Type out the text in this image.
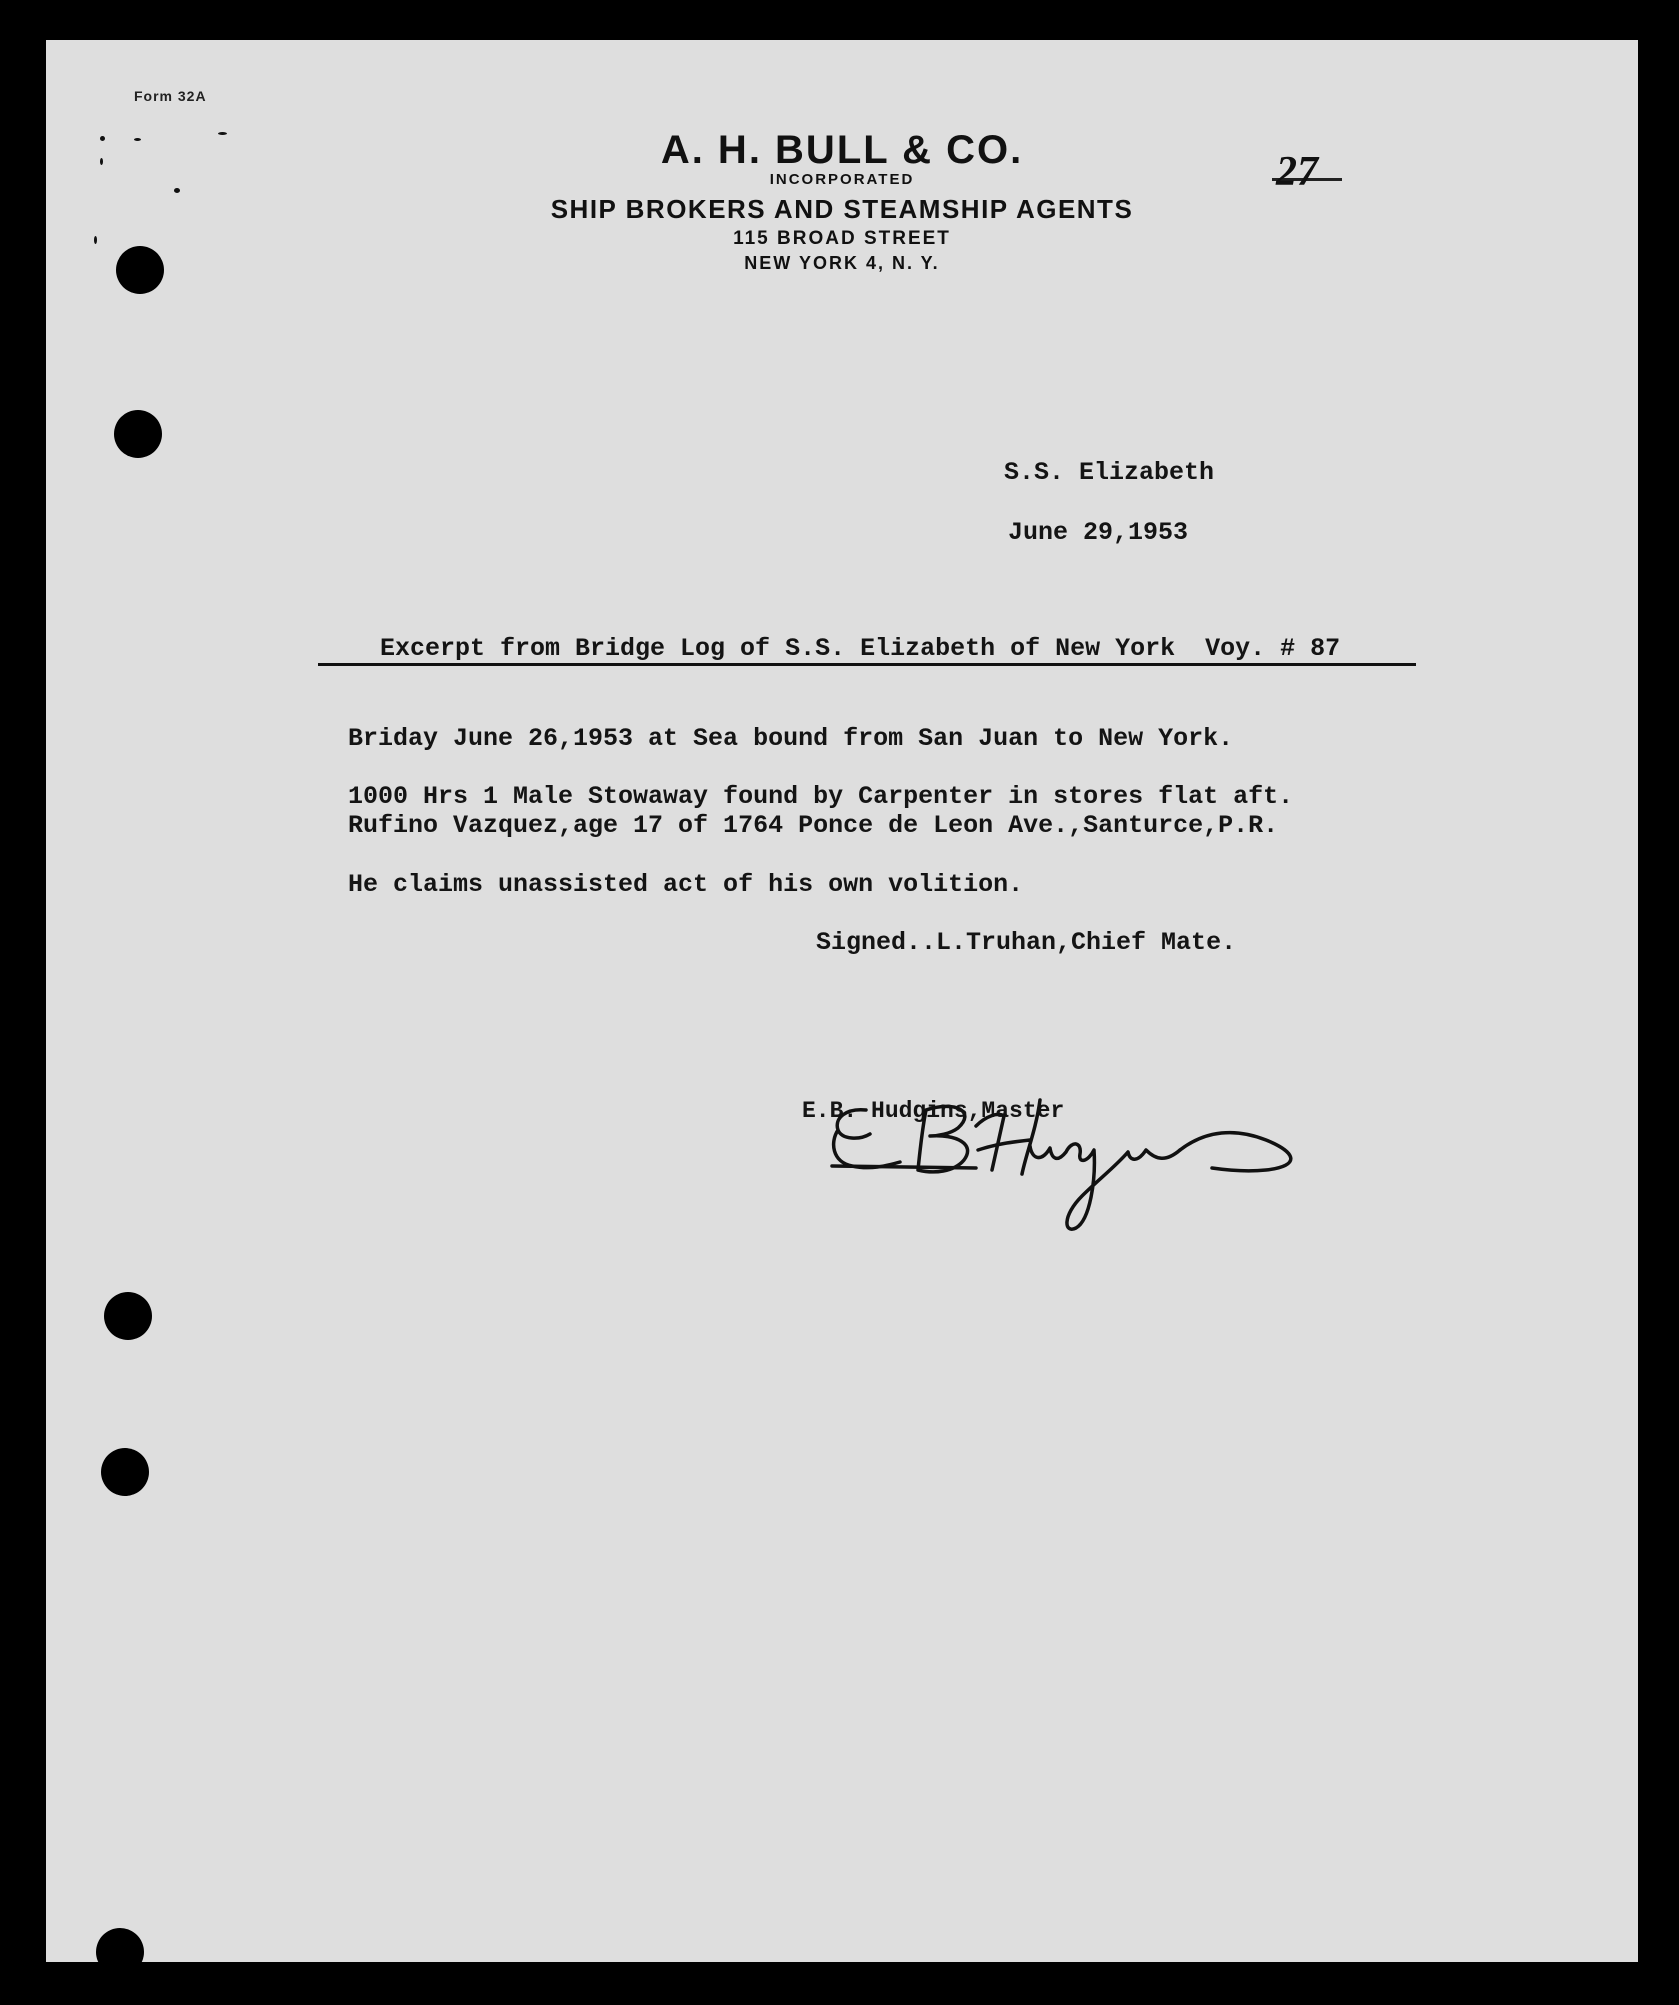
Form 32A
A. H. BULL & CO.
INCORPORATED
SHIP BROKERS AND STEAMSHIP AGENTS
115 BROAD STREET
NEW YORK 4, N. Y.
27
S.S. Elizabeth
June 29,1953
Excerpt from Bridge Log of S.S. Elizabeth of New York  Voy. # 87
Briday June 26,1953 at Sea bound from San Juan to New York.
1000 Hrs 1 Male Stowaway found by Carpenter in stores flat aft.
Rufino Vazquez,age 17 of 1764 Ponce de Leon Ave.,Santurce,P.R.
He claims unassisted act of his own volition.
Signed..L.Truhan,Chief Mate.
E.B. Hudgins,Master
